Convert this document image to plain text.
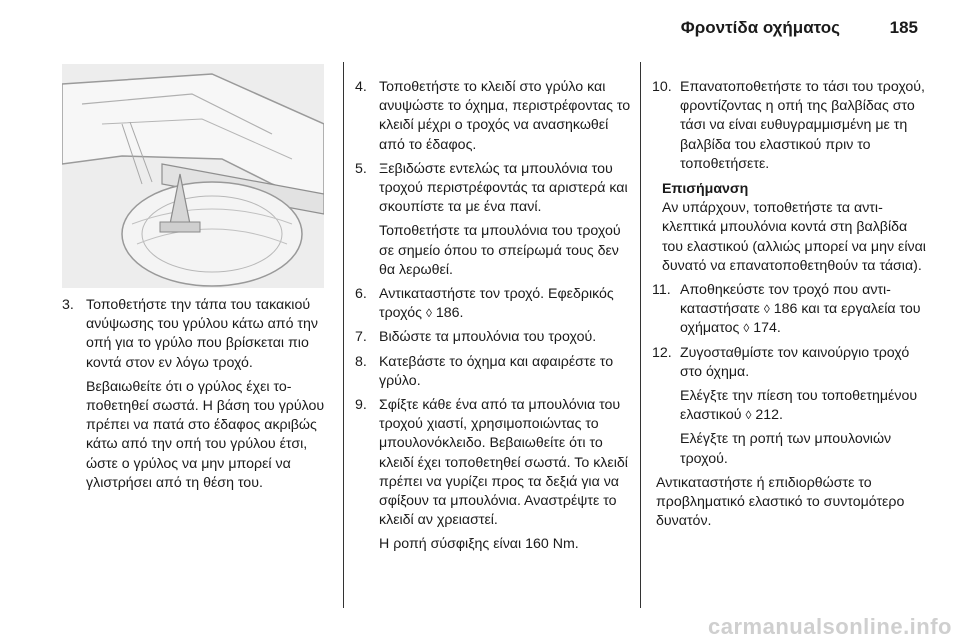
Φροντίδα οχήματος	185
3. Τοποθετήστε την τάπα του τακακιού ανύψωσης του γρύλου κάτω από την οπή για το γρύλο που βρίσκεται πιο κοντά στον εν λόγω τροχό.
Βεβαιωθείτε ότι ο γρύλος έχει τοποθετηθεί σωστά. Η βάση του γρύλου πρέπει να πατά στο έδαφος ακριβώς κάτω από την οπή του γρύλου έτσι, ώστε ο γρύλος να μην μπορεί να γλιστρήσει από τη θέση του.
4. Τοποθετήστε το κλειδί στο γρύλο και ανυψώστε το όχημα, περιστρέφοντας το κλειδί μέχρι ο τροχός να ανασηκωθεί από το έδαφος.
5. Ξεβιδώστε εντελώς τα μπουλόνια του τροχού περιστρέφοντάς τα αριστερά και σκουπίστε τα με ένα πανί.
Τοποθετήστε τα μπουλόνια του τροχού σε σημείο όπου το σπείρωμά τους δεν θα λερωθεί.
6. Αντικαταστήστε τον τροχό. Εφεδρικός τροχός ◊ 186.
7. Βιδώστε τα μπουλόνια του τροχού.
8. Κατεβάστε το όχημα και αφαιρέστε το γρύλο.
9. Σφίξτε κάθε ένα από τα μπουλόνια του τροχού χιαστί, χρησιμοποιώντας το μπουλονόκλειδο. Βεβαιωθείτε ότι το κλειδί έχει τοποθετηθεί σωστά. Το κλειδί πρέπει να γυρίζει προς τα δεξιά για να σφίξουν τα μπουλόνια. Αναστρέψτε το κλειδί αν χρειαστεί.
Η ροπή σύσφιξης είναι 160 Nm.
10. Επανατοποθετήστε το τάσι του τροχού, φροντίζοντας η οπή της βαλβίδας στο τάσι να είναι ευθυγραμμισμένη με τη βαλβίδα του ελαστικού πριν το τοποθετήσετε.
Επισήμανση
Αν υπάρχουν, τοποθετήστε τα αντικλεπτικά μπουλόνια κοντά στη βαλβίδα του ελαστικού (αλλιώς μπορεί να μην είναι δυνατό να επανατοποθετηθούν τα τάσια).
11. Αποθηκεύστε τον τροχό που αντικαταστήσατε ◊ 186 και τα εργαλεία του οχήματος ◊ 174.
12. Ζυγοσταθμίστε τον καινούργιο τροχό στο όχημα.
Ελέγξτε την πίεση του τοποθετημένου ελαστικού ◊ 212.
Ελέγξτε τη ροπή των μπουλονιών τροχού.
Αντικαταστήστε ή επιδιορθώστε το προβληματικό ελαστικό το συντομότερο δυνατόν.
carmanualsonline.info
